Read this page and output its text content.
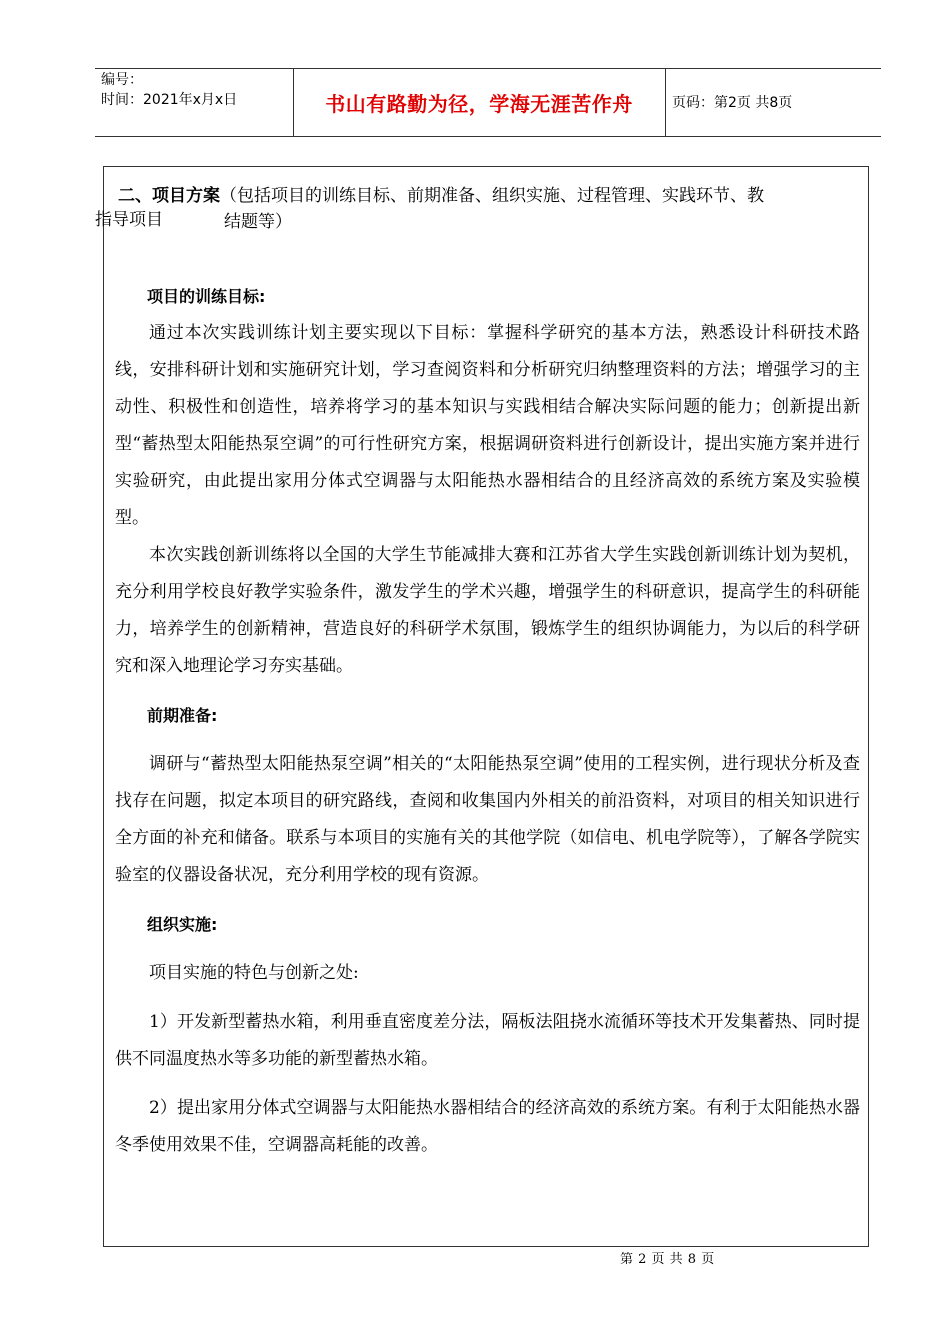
编号：
时间：2021年x月x日	书山有路勤为径，学海无涯苦作舟	页码：第2页 共8页
二、项目方案（包括项目的训练目标、前期准备、组织实施、过程管理、实践环节、教
结题等）
指导项目

项目的训练目标:

通过本次实践训练计划主要实现以下目标：掌握科学研究的基本方法，熟悉设计科研技术路线，安排科研计划和实施研究计划，学习查阅资料和分析研究归纳整理资料的方法；增强学习的主动性、积极性和创造性，培养将学习的基本知识与实践相结合解决实际问题的能力；创新提出新型“蓄热型太阳能热泵空调”的可行性研究方案，根据调研资料进行创新设计，提出实施方案并进行实验研究，由此提出家用分体式空调器与太阳能热水器相结合的且经济高效的系统方案及实验模型。

本次实践创新训练将以全国的大学生节能减排大赛和江苏省大学生实践创新训练计划为契机，充分利用学校良好教学实验条件，激发学生的学术兴趣，增强学生的科研意识，提高学生的科研能力，培养学生的创新精神，营造良好的科研学术氛围，锻炼学生的组织协调能力，为以后的科学研究和深入地理论学习夯实基础。

前期准备:

调研与“蓄热型太阳能热泵空调”相关的“太阳能热泵空调”使用的工程实例，进行现状分析及查找存在问题，拟定本项目的研究路线，查阅和收集国内外相关的前沿资料，对项目的相关知识进行全方面的补充和储备。联系与本项目的实施有关的其他学院（如信电、机电学院等），了解各学院实验室的仪器设备状况，充分利用学校的现有资源。

组织实施:

项目实施的特色与创新之处:

1）开发新型蓄热水箱，利用垂直密度差分法，隔板法阻挠水流循环等技术开发集蓄热、同时提供不同温度热水等多功能的新型蓄热水箱。

2）提出家用分体式空调器与太阳能热水器相结合的经济高效的系统方案。有利于太阳能热水器冬季使用效果不佳，空调器高耗能的改善。

第 2 页 共 8 页
